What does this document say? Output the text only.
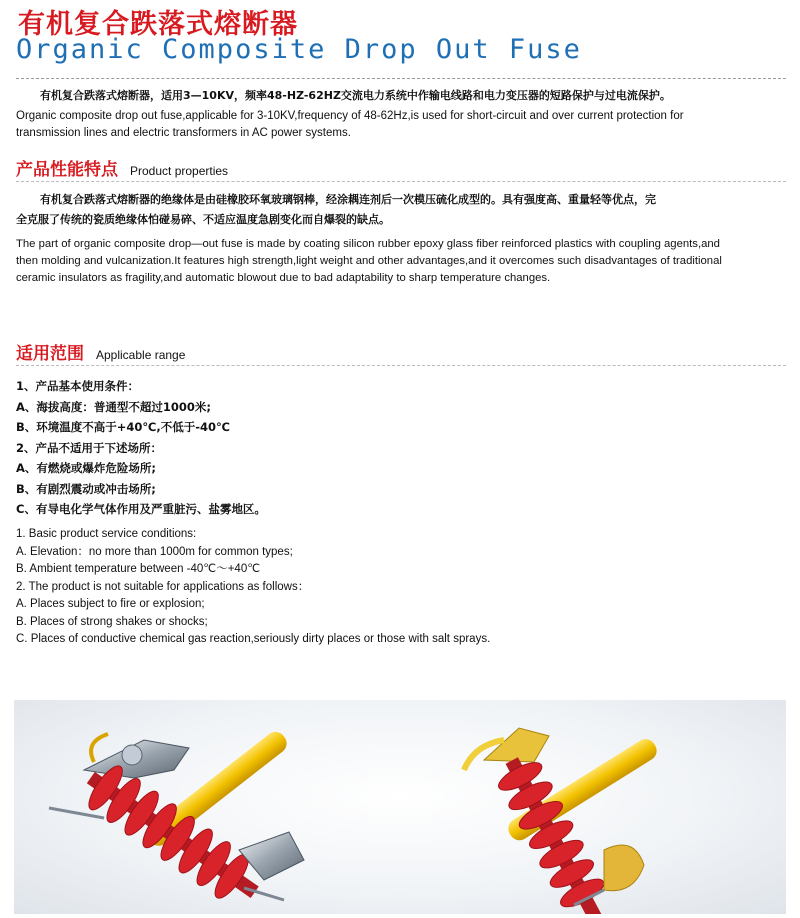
有机复合跌落式熔断器
Organic Composite Drop Out Fuse
有机复合跌落式熔断器，适用3—10KV，频率48-HZ-62HZ交流电力系统中作输电线路和电力变压器的短路保护与过电流保护。
Organic composite drop out fuse,applicable for 3-10KV,frequency of 48-62Hz,is used for short-circuit and over current protection for
transmission lines and electric transformers in AC power systems.
产品性能特点 Product properties
有机复合跌落式熔断器的绝缘体是由硅橡胶环氧玻璃钢棒，经涂耦连剂后一次模压硫化成型的。具有强度高、重量轻等优点，完
全克服了传统的瓷质绝缘体怕碰易碎、不适应温度急剧变化而自爆裂的缺点。
The part of organic composite drop—out fuse is made by coating silicon rubber epoxy glass fiber reinforced plastics with coupling agents,and
then molding and vulcanization.It features high strength,light weight and other advantages,and it overcomes such disadvantages of traditional
ceramic insulators as fragility,and automatic blowout due to bad adaptability to sharp temperature changes.
适用范围 Applicable range
1、产品基本使用条件：
A、海拔高度：普通型不超过1000米;
B、环境温度不高于+40℃,不低于-40℃
2、产品不适用于下述场所：
A、有燃烧或爆炸危险场所;
B、有剧烈震动或冲击场所;
C、有导电化学气体作用及严重脏污、盐雾地区。
1. Basic product service conditions:
A. Elevation：no more than 1000m for common types;
B. Ambient temperature between -40℃～+40℃
2. The product is not suitable for applications as follows：
A. Places subject to fire or explosion;
B. Places of strong shakes or shocks;
C. Places of conductive chemical gas reaction,seriously dirty places or those with salt sprays.
